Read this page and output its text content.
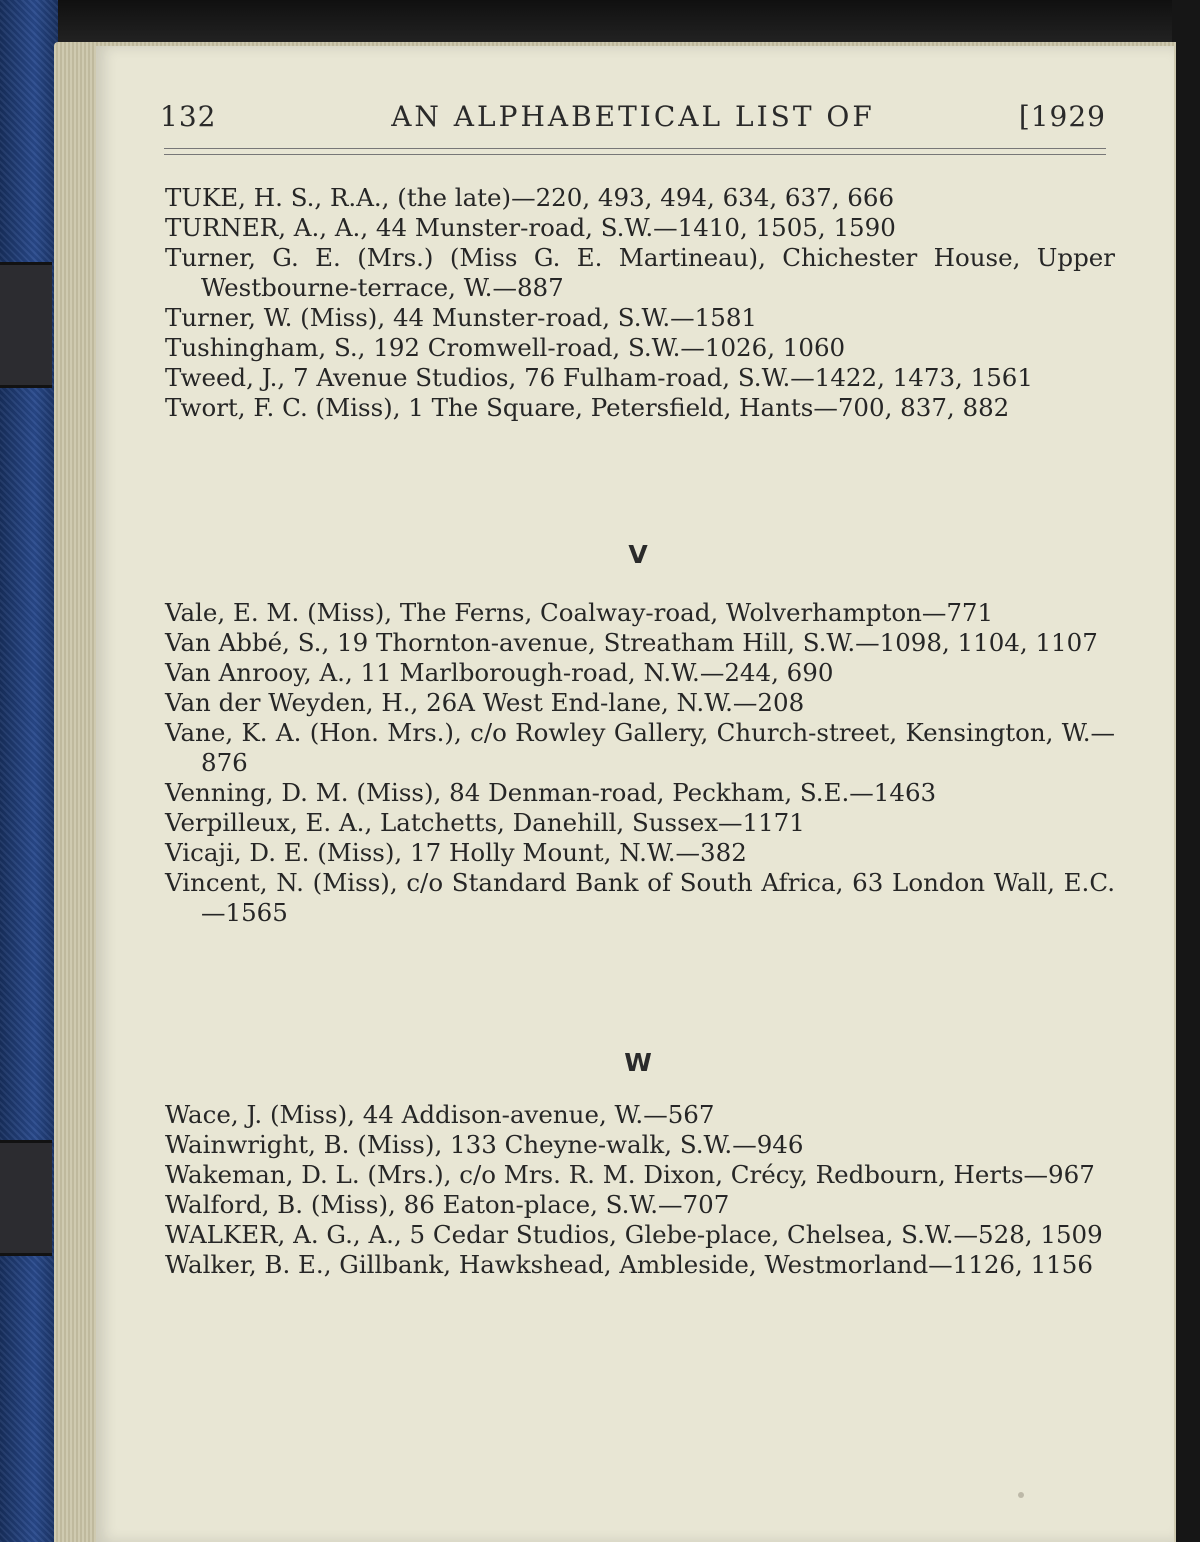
132	AN ALPHABETICAL LIST OF	[1929
TUKE, H. S., R.A., (the late)—220, 493, 494, 634, 637, 666
TURNER, A., A., 44 Munster-road, S.W.—1410, 1505, 1590
Turner, G. E. (Mrs.) (Miss G. E. Martineau), Chichester House, Upper Westbourne-terrace, W.—887
Turner, W. (Miss), 44 Munster-road, S.W.—1581
Tushingham, S., 192 Cromwell-road, S.W.—1026, 1060
Tweed, J., 7 Avenue Studios, 76 Fulham-road, S.W.—1422, 1473, 1561
Twort, F. C. (Miss), 1 The Square, Petersfield, Hants—700, 837, 882
V
Vale, E. M. (Miss), The Ferns, Coalway-road, Wolverhampton—771
Van Abbé, S., 19 Thornton-avenue, Streatham Hill, S.W.—1098, 1104, 1107
Van Anrooy, A., 11 Marlborough-road, N.W.—244, 690
Van der Weyden, H., 26A West End-lane, N.W.—208
Vane, K. A. (Hon. Mrs.), c/o Rowley Gallery, Church-street, Kensington, W.—876
Venning, D. M. (Miss), 84 Denman-road, Peckham, S.E.—1463
Verpilleux, E. A., Latchetts, Danehill, Sussex—1171
Vicaji, D. E. (Miss), 17 Holly Mount, N.W.—382
Vincent, N. (Miss), c/o Standard Bank of South Africa, 63 London Wall, E.C.—1565
W
Wace, J. (Miss), 44 Addison-avenue, W.—567
Wainwright, B. (Miss), 133 Cheyne-walk, S.W.—946
Wakeman, D. L. (Mrs.), c/o Mrs. R. M. Dixon, Crécy, Redbourn, Herts—967
Walford, B. (Miss), 86 Eaton-place, S.W.—707
WALKER, A. G., A., 5 Cedar Studios, Glebe-place, Chelsea, S.W.—528, 1509
Walker, B. E., Gillbank, Hawkshead, Ambleside, Westmorland—1126, 1156
